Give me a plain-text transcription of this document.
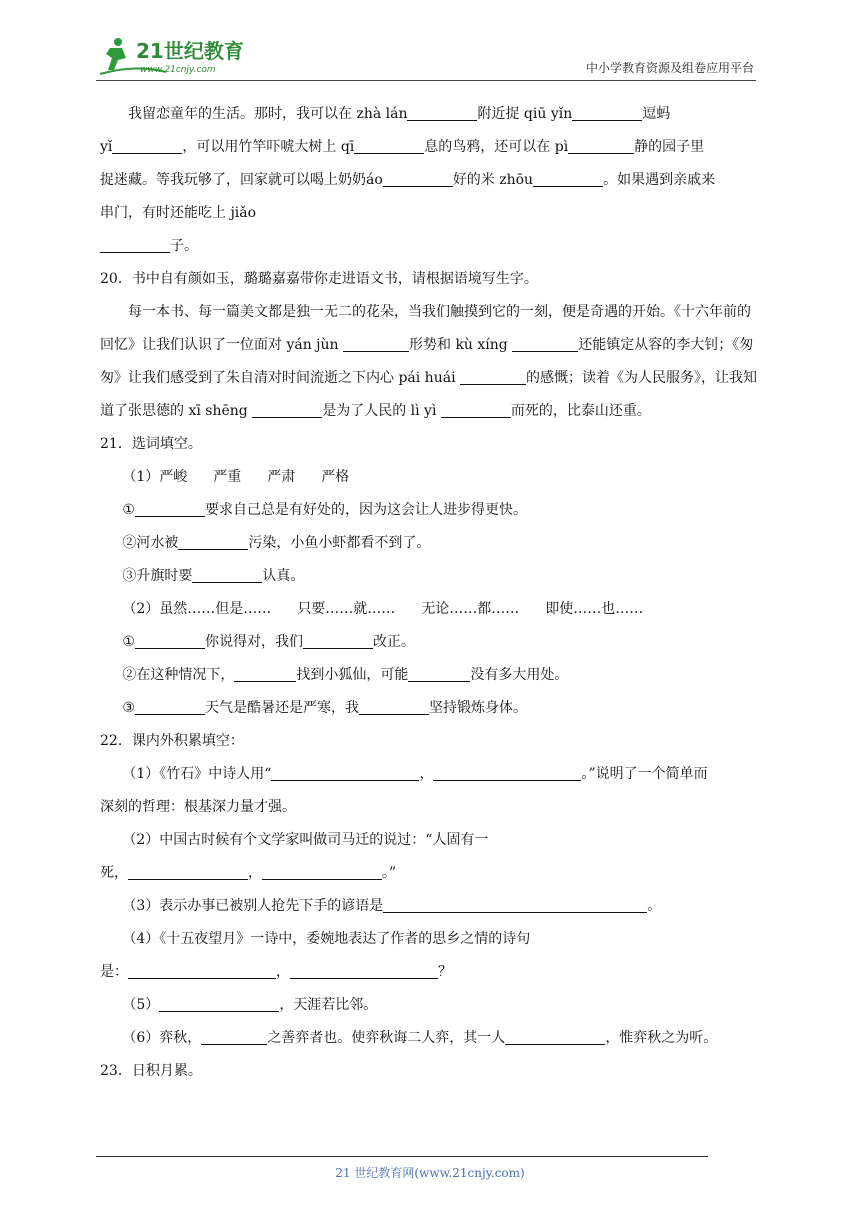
21世纪教育
www.21cnjy.com	中小学教育资源及组卷应用平台

我留恋童年的生活。那时，我可以在 zhà lán	附近捉 qiū yǐn	逗蚂

yǐ	，可以用竹竿吓唬大树上 qī	息的鸟鸦，还可以在 pì	静的园子里

捉迷藏。等我玩够了，回家就可以喝上奶奶áo	好的米 zhōu	。如果遇到亲戚来

串门，有时还能吃上 jiǎo

子。

20．书中自有颜如玉，璐璐嘉嘉带你走进语文书，请根据语境写生字。

每一本书、每一篇美文都是独一无二的花朵，当我们触摸到它的一刻，便是奇遇的开始。《十六年前的回忆》让我们认识了一位面对 yán jùn	形势和 kù xíng	还能镇定从容的李大钊；《匆匆》让我们感受到了朱自清对时间流逝之下内心 pái huái	的感慨；读着《为人民服务》，让我知道了张思德的 xī shēng	是为了人民的 lì yì	而死的，比泰山还重。

21．选词填空。

（1）严峻 严重 严肃 严格

①	要求自己总是有好处的，因为这会让人进步得更快。

②河水被	污染，小鱼小虾都看不到了。

③升旗时要	认真。

（2）虽然……但是…… 只要……就…… 无论……都…… 即使……也……

①	你说得对，我们	改正。

②在这种情况下，	找到小狐仙，可能	没有多大用处。

③	天气是酷暑还是严寒，我	坚持锻炼身体。

22．课内外积累填空：

（1）《竹石》中诗人用“	，	。”说明了一个简单而

深刻的哲理：根基深力量才强。

（2）中国古时候有个文学家叫做司马迁的说过：“人固有一

死，	，	。”

（3）表示办事已被别人抢先下手的谚语是	。

（4）《十五夜望月》一诗中，委婉地表达了作者的思乡之情的诗句

是：	，	？

（5）	，天涯若比邻。

（6）弈秋，	之善弈者也。使弈秋诲二人弈，其一人	，惟弈秋之为听。

23．日积月累。

21 世纪教育网(www.21cnjy.com)
